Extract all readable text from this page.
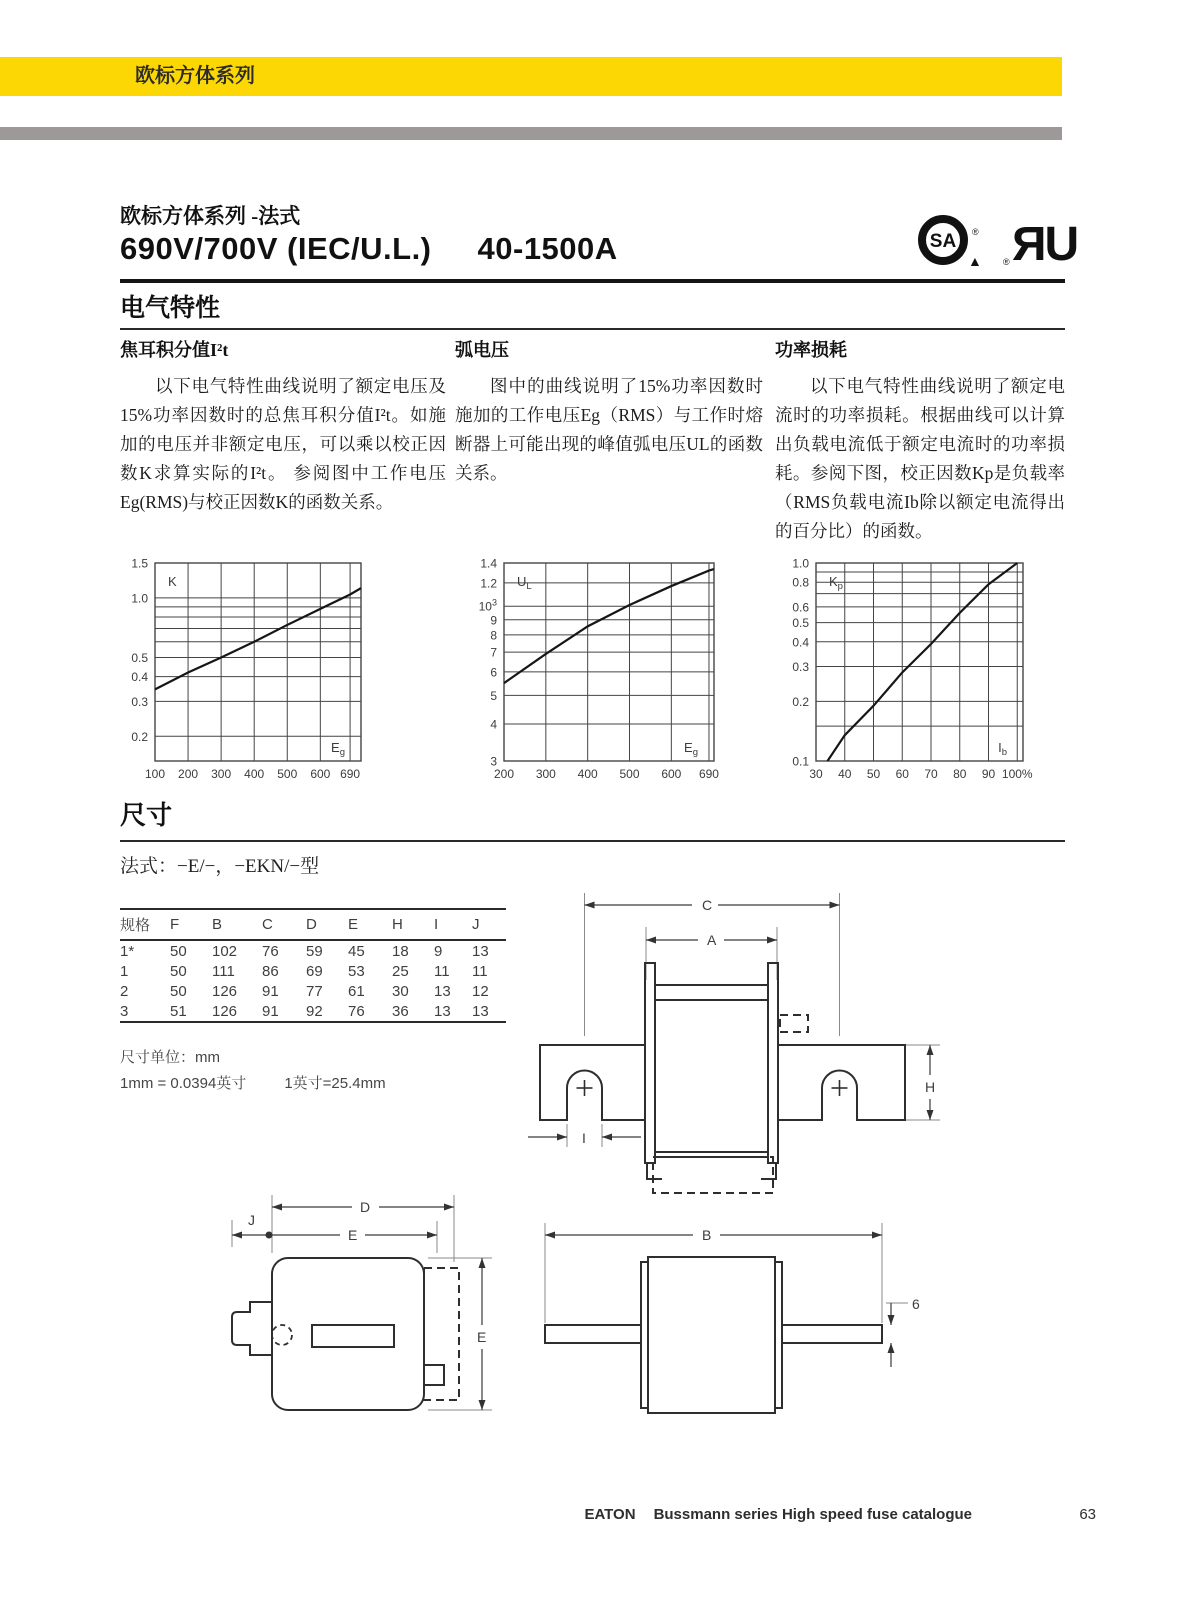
欧标方体系列
欧标方体系列 -法式
690V/700V (IEC/U.L.) 40-1500A	SA ®
▲ ® ЯU
电气特性
焦耳积分值I²t

以下电气特性曲线说明了额定电压及15%功率因数时的总焦耳积分值I²t。如施加的电压并非额定电压，可以乘以校正因数K求算实际的I²t。 参阅图中工作电压Eg(RMS)与校正因数K的函数关系。

弧电压

图中的曲线说明了15%功率因数时施加的工作电压Eg（RMS）与工作时熔断器上可能出现的峰值弧电压UL的函数关系。

功率损耗

以下电气特性曲线说明了额定电流时的功率损耗。根据曲线可以计算出负载电流低于额定电流时的功率损耗。参阅下图，校正因数Kp是负载率（RMS负载电流Ib除以额定电流得出的百分比）的函数。

1.5
1.0
0.5
0.4
0.3
0.2
100 200 300 400 500 600 690
K
$E_g$
1.4
1.2
$10^3$
9
8
7
6
5
4
3
200 300 400 500 600 690
$U_L$
$E_g$
1.0
0.8
0.6
0.5
0.4
0.3
0.2
0.1
30 40 50 60 70 80 90 100%
$K_p$
$I_b$
尺寸
法式：−E/−，−EKN/−型
规格	F	B	C	D	E	H	I	J
1*	50	102	76	59	45	18	9	13
1	50	111	86	69	53	25	11	11
2	50	126	91	77	61	30	13	12
3	51	126	91	92	76	36	13	13
尺寸单位：mm
1mm = 0.0394英寸	1英寸=25.4mm
C
A
H
I
D
J
E
E
B
6
EATON Bussmann series High speed fuse catalogue	63
